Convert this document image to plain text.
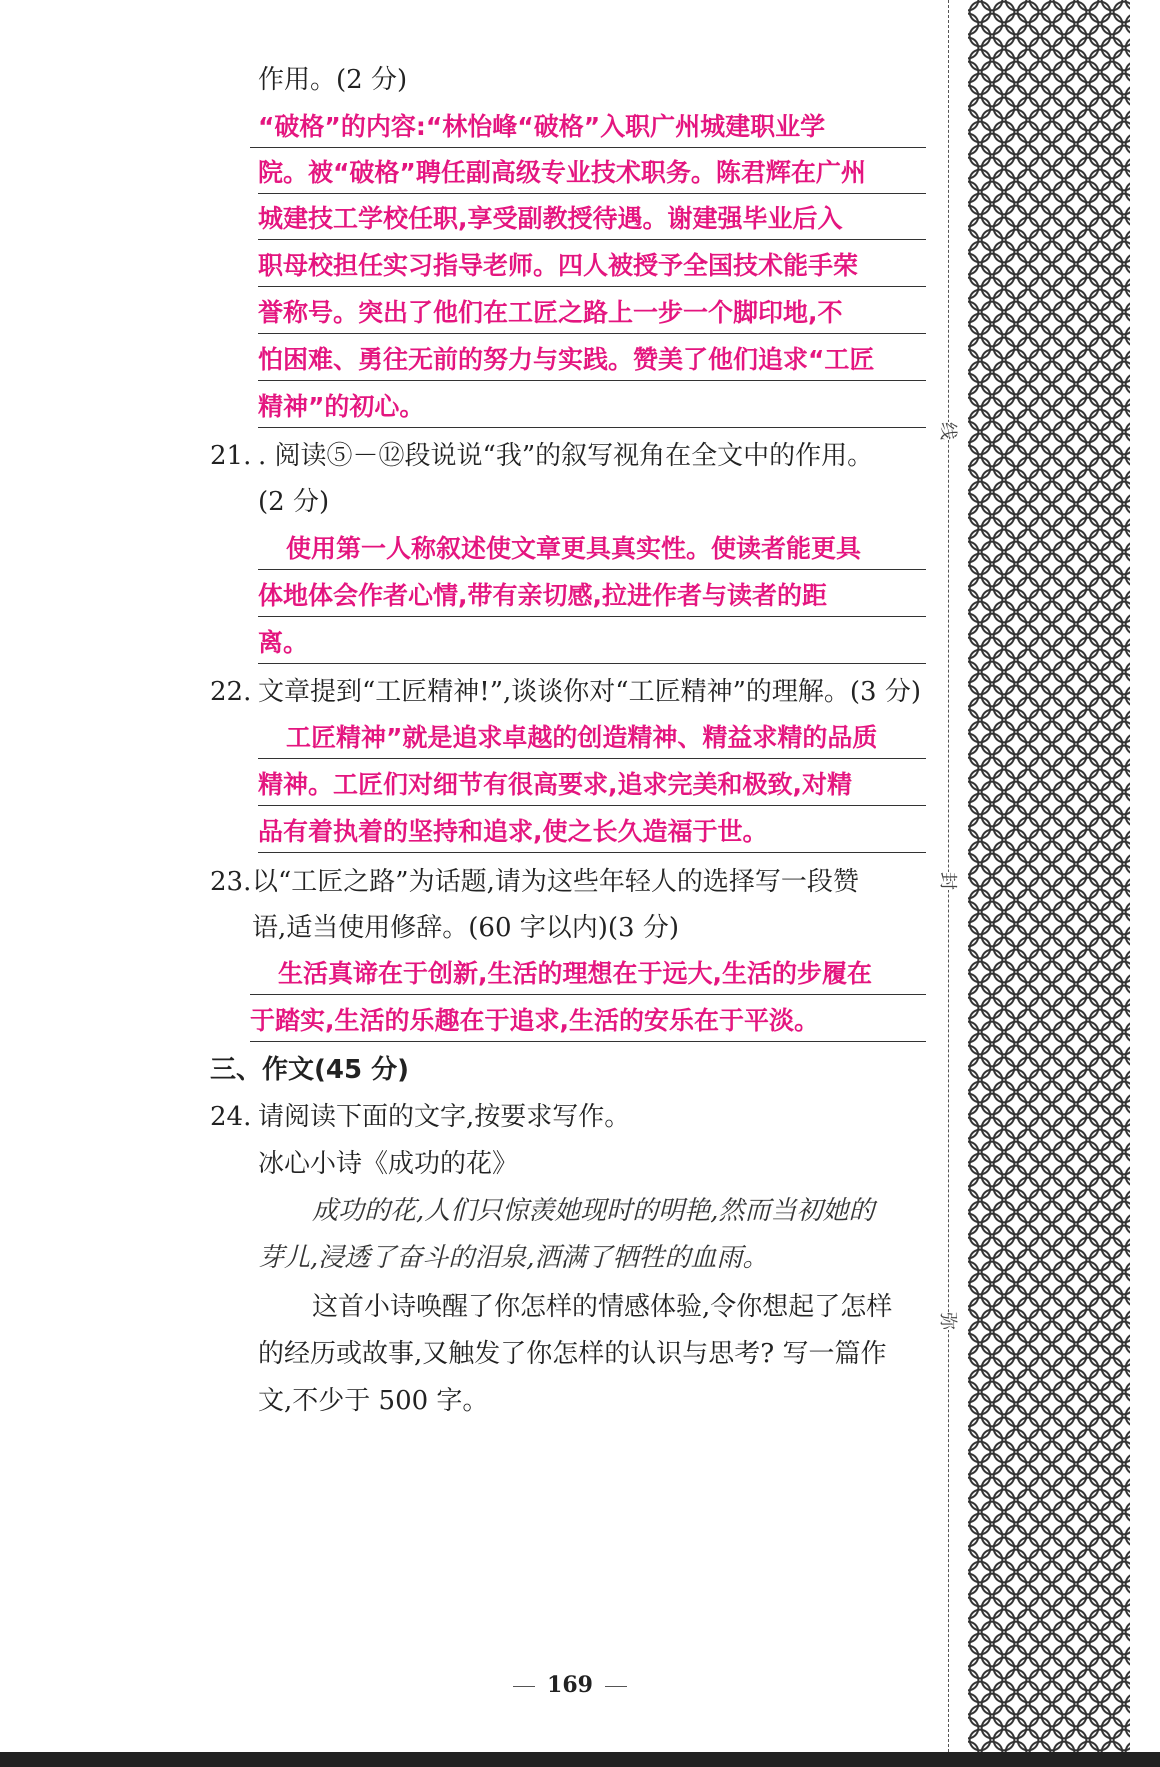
作用。(2 分)
“破格”的内容:“林怡峰“破格”入职广州城建职业学
院。被“破格”聘任副高级专业技术职务。陈君辉在广州
城建技工学校任职,享受副教授待遇。谢建强毕业后入
职母校担任实习指导老师。四人被授予全国技术能手荣
誉称号。突出了他们在工匠之路上一步一个脚印地,不
怕困难、勇往无前的努力与实践。赞美了他们追求“工匠
精神”的初心。
21. . 阅读⑤－⑫段说说“我”的叙写视角在全文中的作用。
(2 分)
使用第一人称叙述使文章更具真实性。使读者能更具
体地体会作者心情,带有亲切感,拉进作者与读者的距
离。
22. 文章提到“工匠精神!”,谈谈你对“工匠精神”的理解。(3 分)
工匠精神”就是追求卓越的创造精神、精益求精的品质
精神。工匠们对细节有很高要求,追求完美和极致,对精
品有着执着的坚持和追求,使之长久造福于世。
23.以“工匠之路”为话题,请为这些年轻人的选择写一段赞
语,适当使用修辞。(60 字以内)(3 分)
生活真谛在于创新,生活的理想在于远大,生活的步履在
于踏实,生活的乐趣在于追求,生活的安乐在于平淡。
三、作文(45 分)
24. 请阅读下面的文字,按要求写作。
冰心小诗《成功的花》
成功的花,人们只惊羡她现时的明艳,然而当初她的
芽儿,浸透了奋斗的泪泉,洒满了牺牲的血雨。
这首小诗唤醒了你怎样的情感体验,令你想起了怎样
的经历或故事,又触发了你怎样的认识与思考? 写一篇作
文,不少于 500 字。
169
线
封
弥
